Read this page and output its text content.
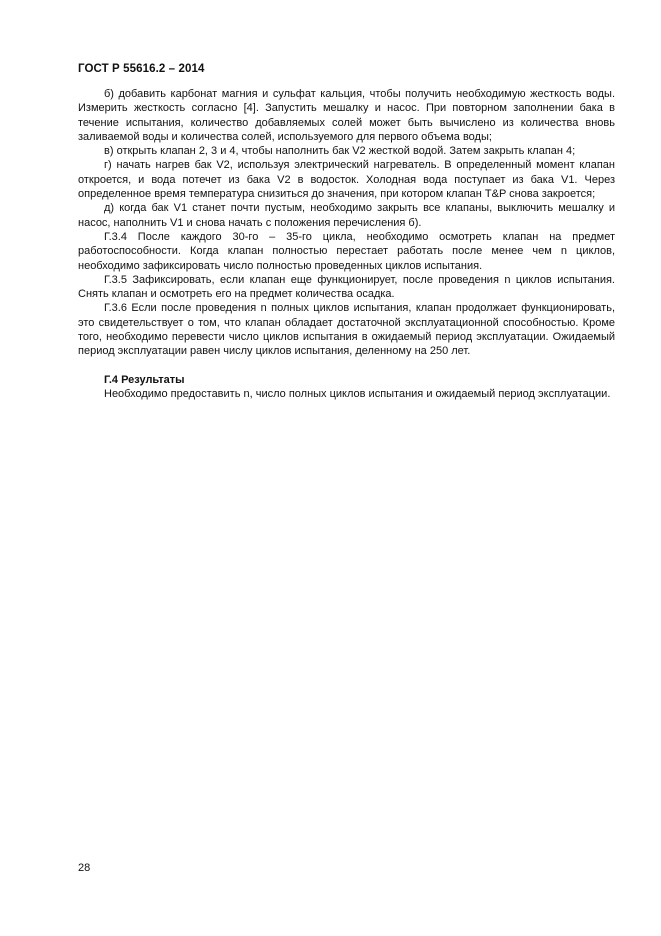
ГОСТ Р 55616.2 – 2014

б) добавить карбонат магния и сульфат кальция, чтобы получить необходимую жесткость воды. Измерить жесткость согласно [4]. Запустить мешалку и насос. При повторном заполнении бака в течение испытания, количество добавляемых солей может быть вычислено из количества вновь заливаемой воды и количества солей, используемого для первого объема воды;

в) открыть клапан 2, 3 и 4, чтобы наполнить бак V2 жесткой водой. Затем закрыть клапан 4;

г) начать нагрев бак V2, используя электрический нагреватель. В определенный момент клапан откроется, и вода потечет из бака V2 в водосток. Холодная вода поступает из бака V1. Через определенное время температура снизиться до значения, при котором клапан T&P снова закроется;

д) когда бак V1 станет почти пустым, необходимо закрыть все клапаны, выключить мешалку и насос, наполнить V1 и снова начать с положения перечисления б).

Г.3.4 После каждого 30-го – 35-го цикла, необходимо осмотреть клапан на предмет работоспособности. Когда клапан полностью перестает работать после менее чем n циклов, необходимо зафиксировать число полностью проведенных циклов испытания.

Г.3.5 Зафиксировать, если клапан еще функционирует, после проведения n циклов испытания. Снять клапан и осмотреть его на предмет количества осадка.

Г.3.6 Если после проведения n полных циклов испытания, клапан продолжает функционировать, это свидетельствует о том, что клапан обладает достаточной эксплуатационной способностью. Кроме того, необходимо перевести число циклов испытания в ожидаемый период эксплуатации. Ожидаемый период эксплуатации равен числу циклов испытания, деленному на 250 лет.

Г.4 Результаты

Необходимо предоставить n, число полных циклов испытания и ожидаемый период эксплуатации.

28
